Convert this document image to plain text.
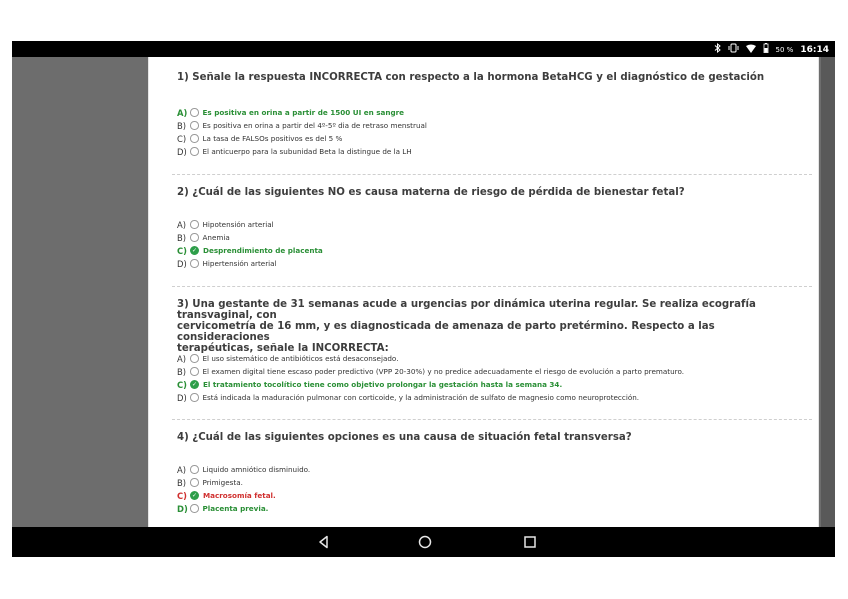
50 % 16:14
1) Señale la respuesta INCORRECTA con respecto a la hormona BetaHCG y el diagnóstico de gestación
A)	Es positiva en orina a partir de 1500 UI en sangre
B)	Es positiva en orina a partir del 4º-5º dia de retraso menstrual
C)	La tasa de FALSOs positivos es del 5 %
D)	El anticuerpo para la subunidad Beta la distingue de la LH
2) ¿Cuál de las siguientes NO es causa materna de riesgo de pérdida de bienestar fetal?
A)	Hipotensión arterial
B)	Anemia
C) ✓ Desprendimiento de placenta
D)	Hipertensión arterial
3) Una gestante de 31 semanas acude a urgencias por dinámica uterina regular. Se realiza ecografía transvaginal, con
cervicometría de 16 mm, y es diagnosticada de amenaza de parto pretérmino. Respecto a las consideraciones
terapéuticas, señale la INCORRECTA:
A)	El uso sistemático de antibióticos está desaconsejado.
B)	El examen digital tiene escaso poder predictivo (VPP 20-30%) y no predice adecuadamente el riesgo de evolución a parto prematuro.
C) ✓ El tratamiento tocolítico tiene como objetivo prolongar la gestación hasta la semana 34.
D)	Está indicada la maduración pulmonar con corticoide, y la administración de sulfato de magnesio como neuroprotección.
4) ¿Cuál de las siguientes opciones es una causa de situación fetal transversa?
A)	Liquido amniótico disminuido.
B)	Primigesta.
C) ✓ Macrosomía fetal.
D)	Placenta previa.
